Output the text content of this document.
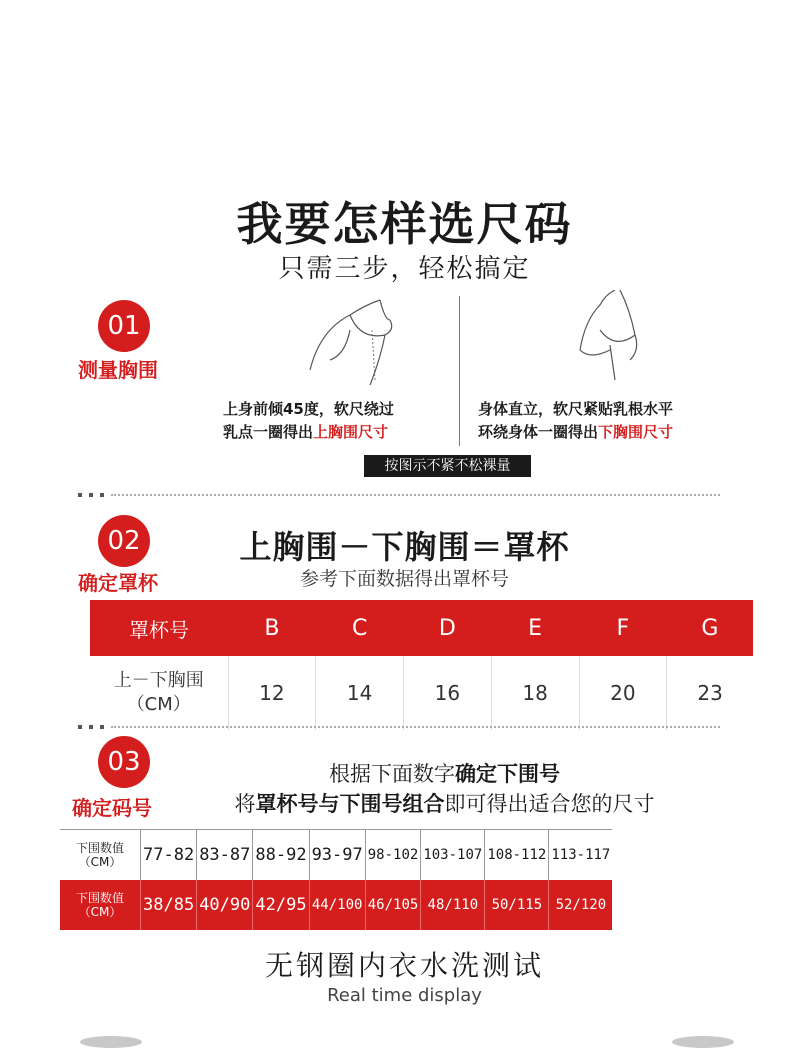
我要怎样选尺码
只需三步，轻松搞定
01
测量胸围
上身前倾45度，软尺绕过
乳点一圈得出上胸围尺寸
身体直立，软尺紧贴乳根水平
环绕身体一圈得出下胸围尺寸
按图示不紧不松裸量
02
确定罩杯
上胸围－下胸围＝罩杯
参考下面数据得出罩杯号
罩杯号	B	C	D	E	F	G

上－下胸围
（CM）	12	14	16	18	20	23
03
确定码号
根据下面数字确定下围号
将罩杯号与下围号组合即可得出适合您的尺寸
下围数值
（CM）	77-82	83-87	88-92	93-97	98-102	103-107	108-112	113-117

下围数值
（CM）	38/85	40/90	42/95	44/100	46/105	48/110	50/115	52/120
无钢圈内衣水洗测试
Real time display
